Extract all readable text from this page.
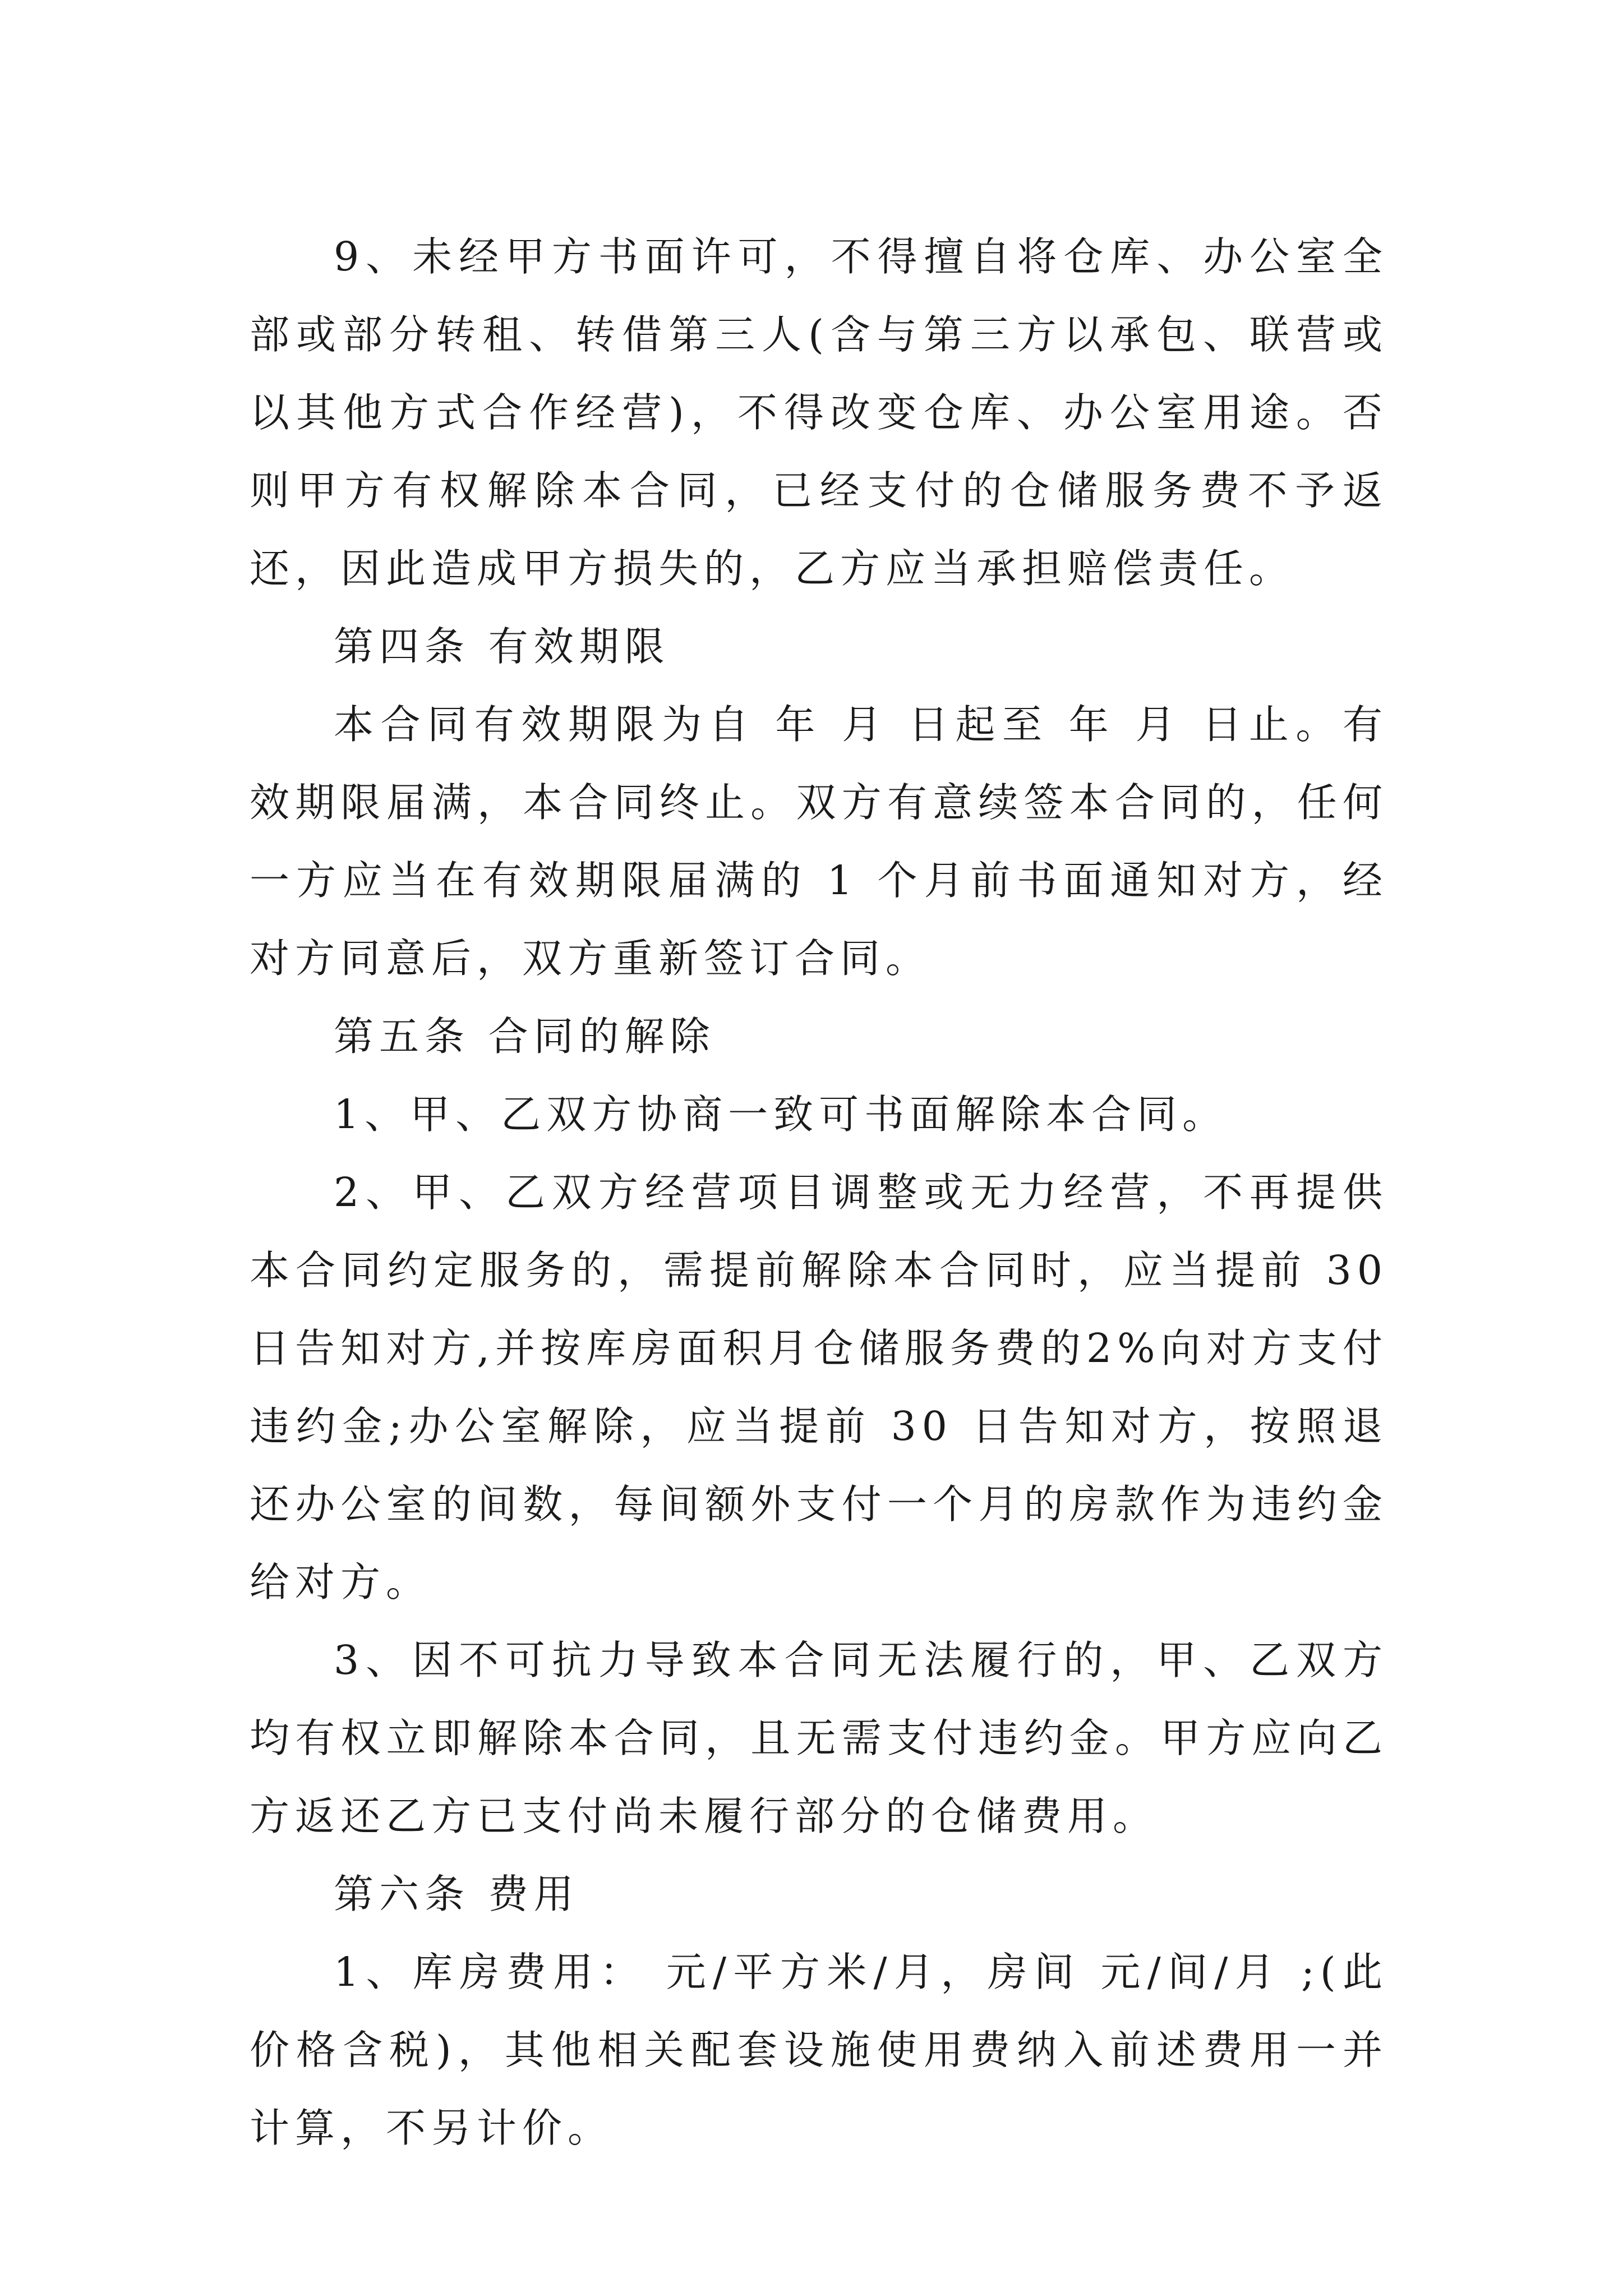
9、未经甲方书面许可，不得擅自将仓库、办公室全部或部分转租、转借第三人(含与第三方以承包、联营或以其他方式合作经营)，不得改变仓库、办公室用途。否则甲方有权解除本合同，已经支付的仓储服务费不予返还，因此造成甲方损失的，乙方应当承担赔偿责任。

第四条 有效期限

本合同有效期限为自 年 月 日起至 年 月 日止。有效期限届满，本合同终止。双方有意续签本合同的，任何一方应当在有效期限届满的 1 个月前书面通知对方，经对方同意后，双方重新签订合同。

第五条 合同的解除

1、甲、乙双方协商一致可书面解除本合同。

2、甲、乙双方经营项目调整或无力经营，不再提供本合同约定服务的，需提前解除本合同时，应当提前 30 日告知对方,并按库房面积月仓储服务费的2%向对方支付违约金;办公室解除，应当提前 30 日告知对方，按照退还办公室的间数，每间额外支付一个月的房款作为违约金给对方。

3、因不可抗力导致本合同无法履行的，甲、乙双方均有权立即解除本合同，且无需支付违约金。甲方应向乙方返还乙方已支付尚未履行部分的仓储费用。

第六条 费用

1、库房费用： 元/平方米/月，房间 元/间/月 ;(此价格含税)，其他相关配套设施使用费纳入前述费用一并计算，不另计价。
